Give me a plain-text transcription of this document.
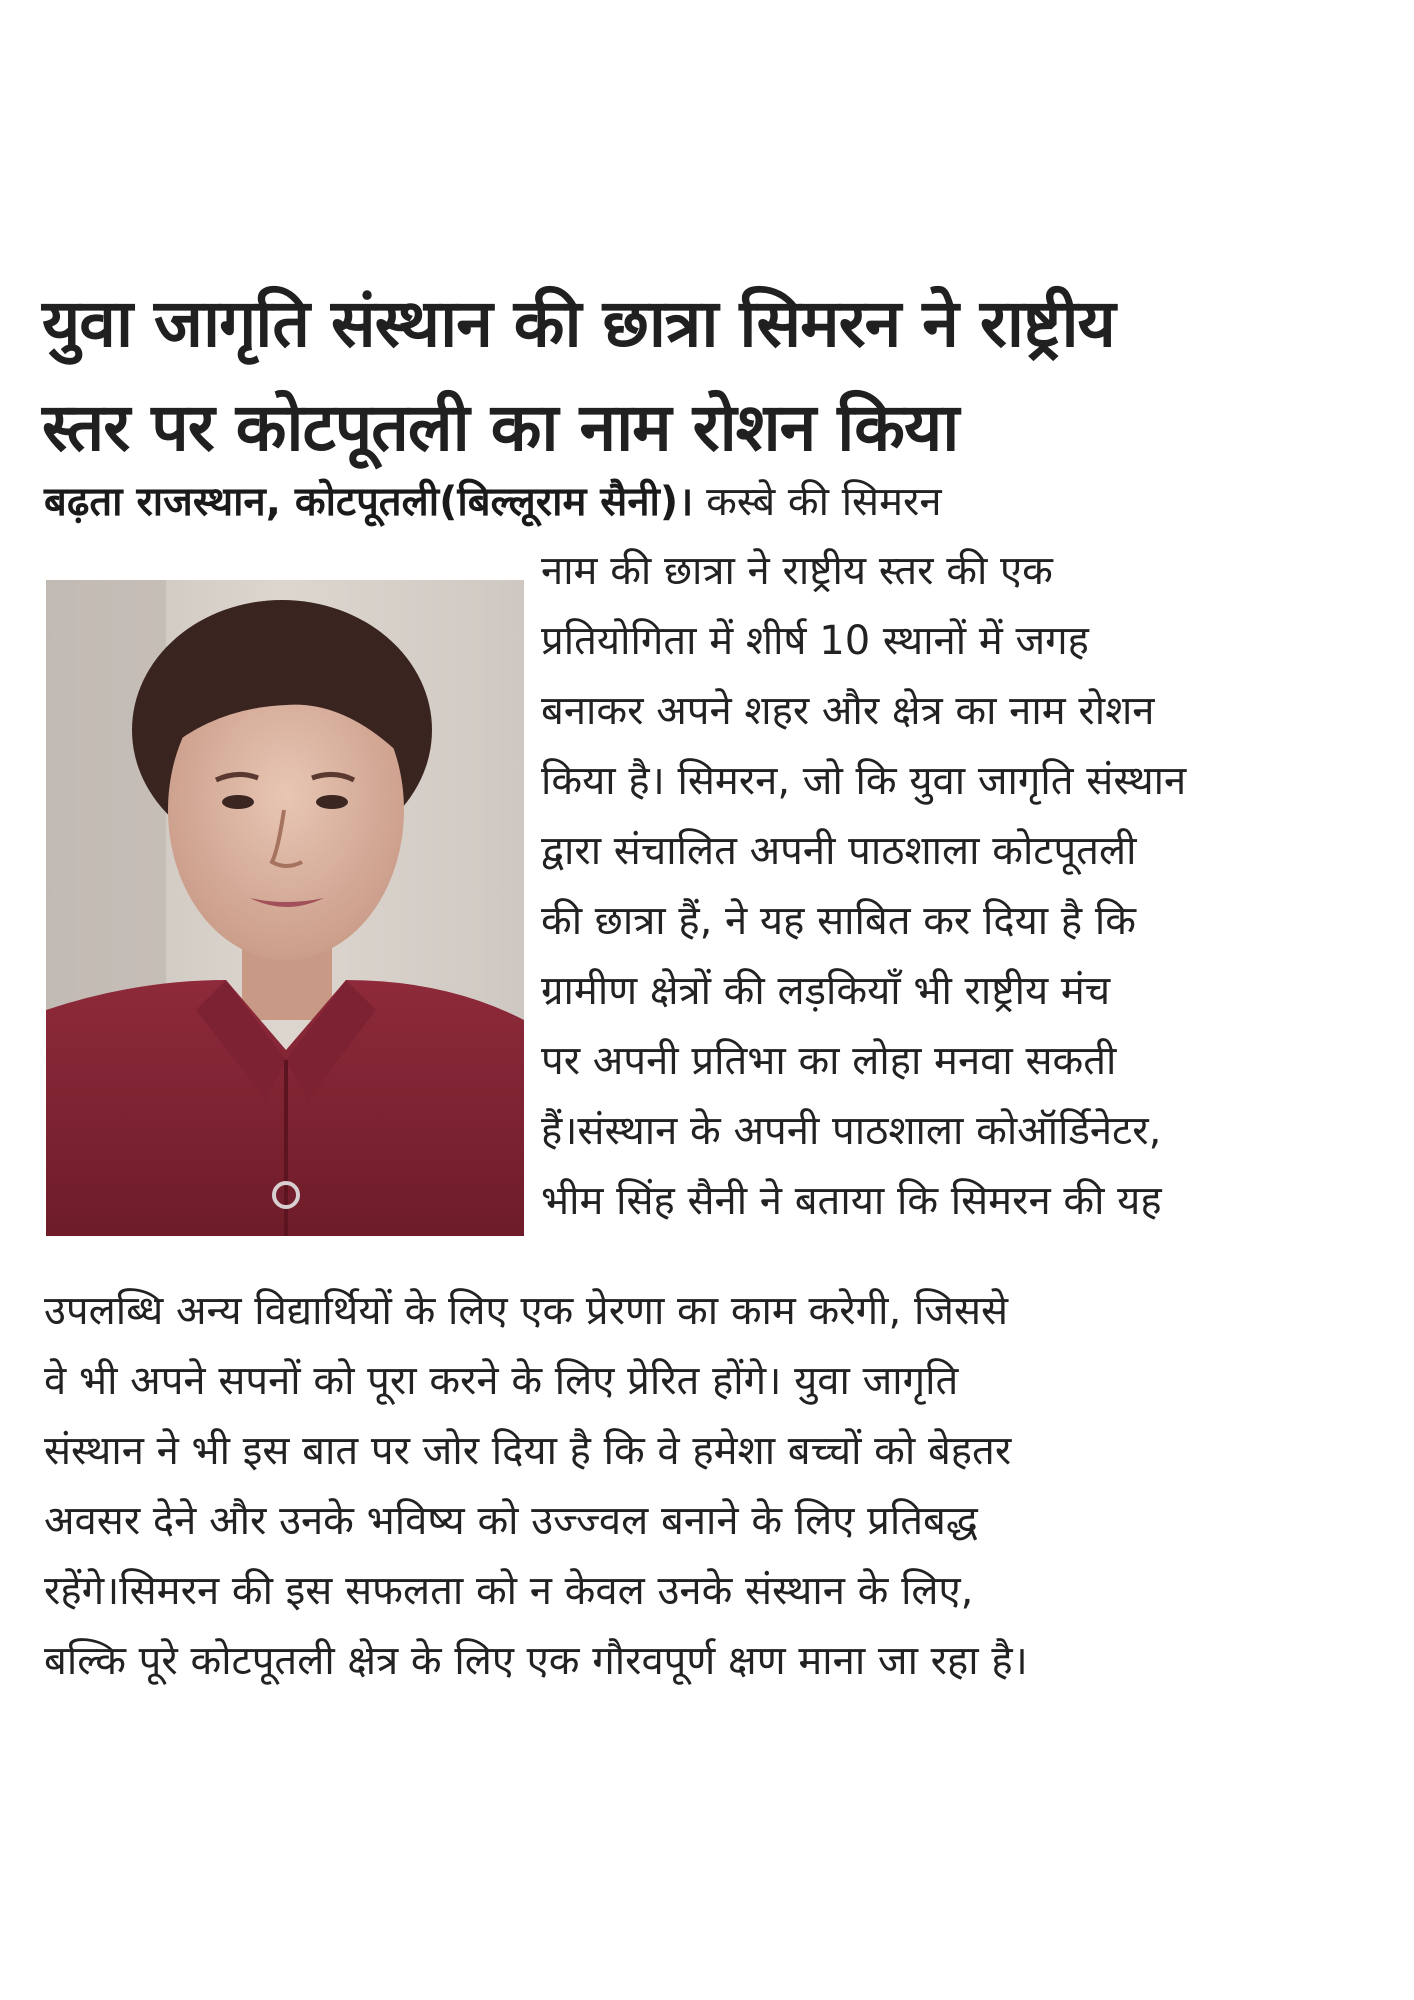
युवा जागृति संस्थान की छात्रा सिमरन ने राष्ट्रीय
स्तर पर कोटपूतली का नाम रोशन किया
बढ़ता राजस्थान, कोटपूतली(बिल्लूराम सैनी)। कस्बे की सिमरन
नाम की छात्रा ने राष्ट्रीय स्तर की एक
प्रतियोगिता में शीर्ष 10 स्थानों में जगह
बनाकर अपने शहर और क्षेत्र का नाम रोशन
किया है। सिमरन, जो कि युवा जागृति संस्थान
द्वारा संचालित अपनी पाठशाला कोटपूतली
की छात्रा हैं, ने यह साबित कर दिया है कि
ग्रामीण क्षेत्रों की लड़कियाँ भी राष्ट्रीय मंच
पर अपनी प्रतिभा का लोहा मनवा सकती
हैं।संस्थान के अपनी पाठशाला कोऑर्डिनेटर,
भीम सिंह सैनी ने बताया कि सिमरन की यह
उपलब्धि अन्य विद्यार्थियों के लिए एक प्रेरणा का काम करेगी, जिससे
वे भी अपने सपनों को पूरा करने के लिए प्रेरित होंगे। युवा जागृति
संस्थान ने भी इस बात पर जोर दिया है कि वे हमेशा बच्चों को बेहतर
अवसर देने और उनके भविष्य को उज्ज्वल बनाने के लिए प्रतिबद्ध
रहेंगे।सिमरन की इस सफलता को न केवल उनके संस्थान के लिए,
बल्कि पूरे कोटपूतली क्षेत्र के लिए एक गौरवपूर्ण क्षण माना जा रहा है।
